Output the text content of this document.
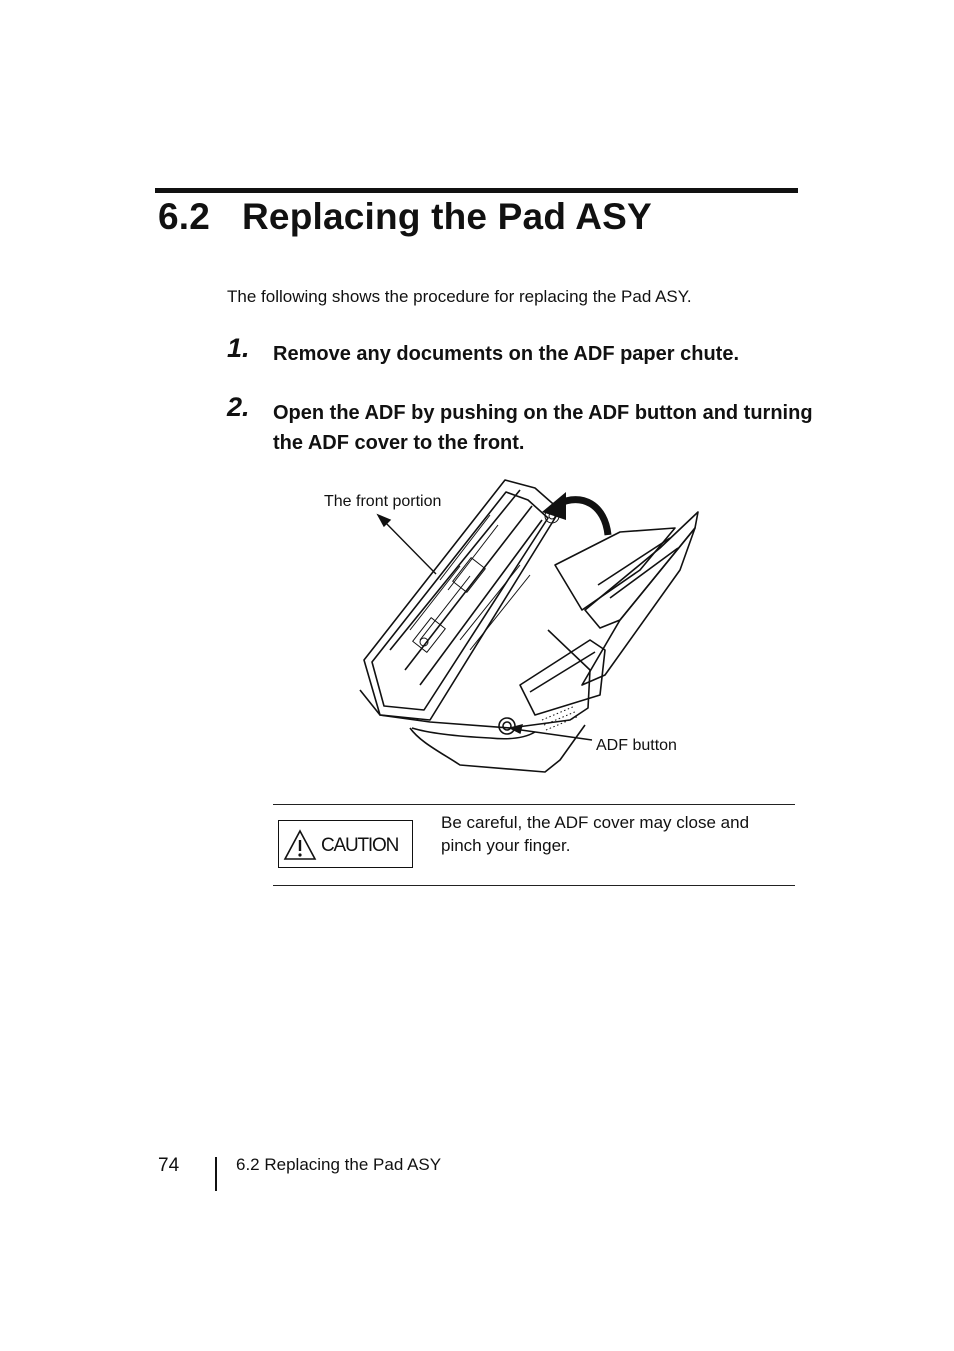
6.2 Replacing the Pad ASY
The following shows the procedure for replacing the Pad ASY.
1. Remove any documents on the ADF paper chute.
2. Open the ADF by pushing on the ADF button and turning the ADF cover to the front.
The front portion
ADF button
CAUTION
Be careful, the ADF cover may close and pinch your finger.
74	6.2 Replacing the Pad ASY
